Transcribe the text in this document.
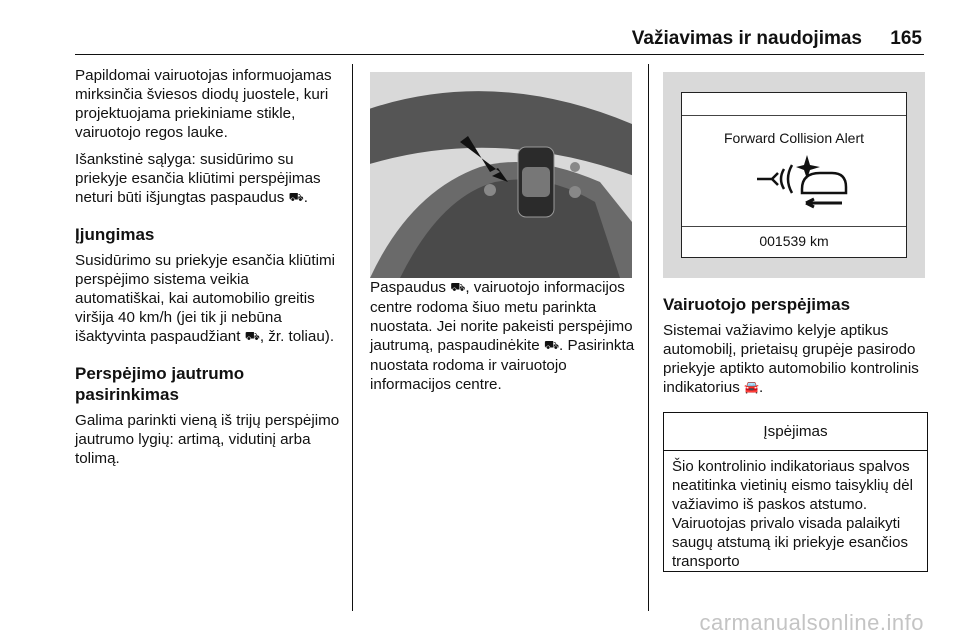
Važiavimas ir naudojimas 165

Papildomai vairuotojas informuojamas mirksinčia šviesos diodų juostele, kuri projektuojama priekiniame stikle, vairuotojo regos lauke.

Išankstinė sąlyga: susidūrimo su priekyje esančia kliūtimi perspėjimas neturi būti išjungtas paspaudus ⛟.

Įjungimas

Susidūrimo su priekyje esančia kliūtimi perspėjimo sistema veikia automatiškai, kai automobilio greitis viršija 40 km/h (jei tik ji nebūna išaktyvinta paspaudžiant ⛟, žr. toliau).

Perspėjimo jautrumo pasirinkimas

Galima parinkti vieną iš trijų perspėjimo jautrumo lygių: artimą, vidutinį arba tolimą.

Paspaudus ⛟, vairuotojo informacijos centre rodoma šiuo metu parinkta nuostata. Jei norite pakeisti perspėjimo jautrumą, paspaudinėkite ⛟. Pasirinkta nuostata rodoma ir vairuotojo informacijos centre.

Forward Collision Alert
001539 km
Vairuotojo perspėjimas

Sistemai važiavimo kelyje aptikus automobilį, prietaisų grupėje pasirodo priekyje aptikto automobilio kontrolinis indikatorius 🚘.

Įspėjimas
Šio kontrolinio indikatoriaus spalvos neatitinka vietinių eismo taisyklių dėl važiavimo iš paskos atstumo. Vairuotojas privalo visada palaikyti saugų atstumą iki priekyje esančios transporto
carmanualsonline.info
